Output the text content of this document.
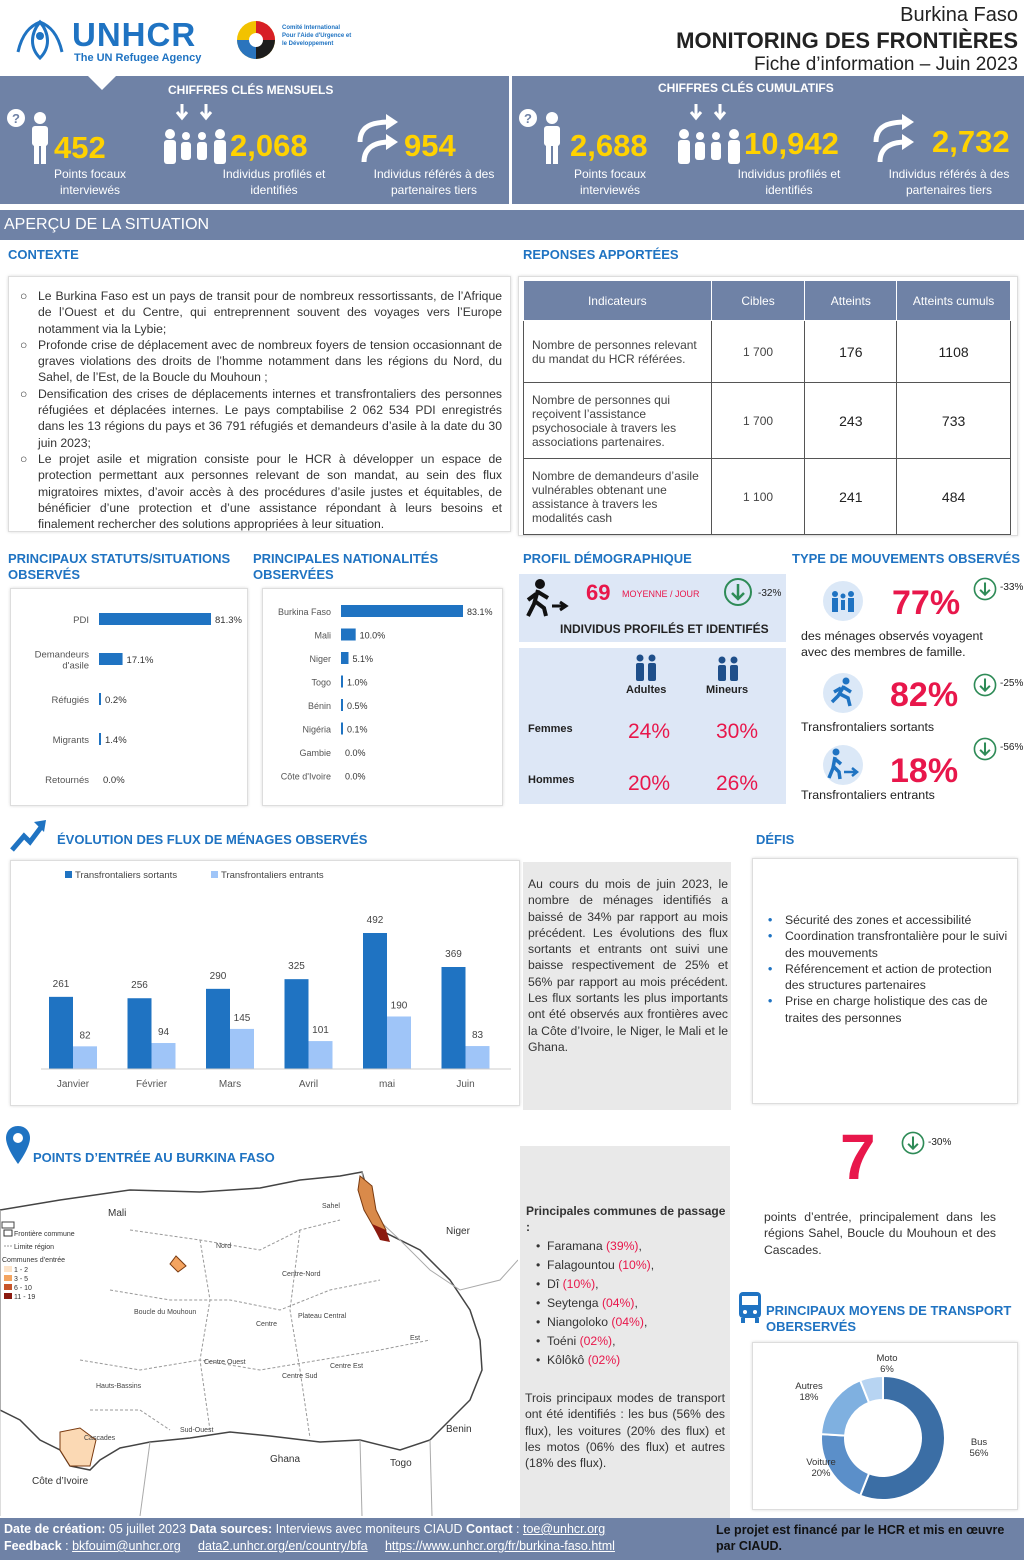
UNHCR
The UN Refugee Agency
Comité International Pour l'Aide d'Urgence et le Développement
Burkina Faso
MONITORING DES FRONTIÈRES
Fiche d’information – Juin 2023
CHIFFRES CLÉS MENSUELS	CHIFFRES CLÉS CUMULATIFS
?
452
Points focaux interviewés
2,068
Individus profilés et identifiés
954
Individus référés à des partenaires tiers
?
2,688
Points focaux interviewés
10,942
Individus profilés et identifiés
2,732
Individus référés à des partenaires tiers
APERÇU DE LA SITUATION
CONTEXTE
○ Le Burkina Faso est un pays de transit pour de nombreux ressortissants, de l’Afrique de l’Ouest et du Centre, qui entreprennent souvent des voyages vers l’Europe notamment via la Lybie;
○ Profonde crise de déplacement avec de nombreux foyers de tension occasionnant de graves violations des droits de l’homme notamment dans les régions du Nord, du Sahel, de l’Est, de la Boucle du Mouhoun ;
○ Densification des crises de déplacements internes et transfrontaliers des personnes réfugiées et déplacées internes. Le pays comptabilise 2 062 534 PDI enregistrés dans les 13 régions du pays et 36 791 réfugiés et demandeurs d’asile à la date du 30 juin 2023;
○ Le projet asile et migration consiste pour le HCR à développer un espace de protection permettant aux personnes relevant de son mandat, au sein des flux migratoires mixtes, d’avoir accès à des procédures d’asile justes et équitables, de bénéficier d’une protection et d’une assistance répondant à leurs besoins et finalement rechercher des solutions appropriées à leur situation.
REPONSES APPORTÉES
Indicateurs	Cibles	Atteints	Atteints cumuls
Nombre de personnes relevant du mandat du HCR référées.	1 700	176	1108
Nombre de personnes qui reçoivent l’assistance psychosociale à travers les associations partenaires.	1 700	243	733
Nombre de demandeurs d’asile vulnérables obtenant une assistance à travers les modalités cash	1 100	241	484
PRINCIPAUX STATUTS/SITUATIONS OBSERVÉS
PDI	81.3%
Demandeurs
d'asile	17.1%
Réfugiés 0.2%
Migrants 1.4%
Retournés 0.0%
PRINCIPALES NATIONALITÉS OBSERVÉES
Burkina Faso	83.1%
Mali	10.0%
Niger 5.1%
Togo 1.0%
Bénin 0.5%
Nigéria 0.1%
Gambie 0.0%
Côte d'Ivoire 0.0%
PROFIL DÉMOGRAPHIQUE
69 MOYENNE / JOUR	-32%
INDIVIDUS PROFILÉS ET IDENTIFÉS
Adultes	Mineurs
Femmes	24% 30%
Hommes	20% 26%
TYPE DE MOUVEMENTS OBSERVÉS
77%	-33%
des ménages observés voyagent avec des membres de famille.
82%	-25%
Transfrontaliers sortants
18%
-56%
Transfrontaliers entrants
ÉVOLUTION DES FLUX DE MÉNAGES OBSERVÉS
Transfrontaliers sortants	Transfrontaliers entrants
261
82
Janvier
256
94
Février
290
145
Mars
325
101
Avril
492
190
mai
369
83
Juin
Au cours du mois de juin 2023, le nombre de ménages identifiés a baissé de 34% par rapport au mois précédent. Les évolutions des flux sortants et entrants ont suivi une baisse respectivement de 25% et 56% par rapport au mois précédent. Les flux sortants les plus importants ont été observés aux frontières avec la Côte d’Ivoire, le Niger, le Mali et le Ghana.
DÉFIS
• Sécurité des zones et accessibilité
• Coordination transfrontalière pour le suivi des mouvements
• Référencement et action de protection des structures partenaires
• Prise en charge holistique des cas de traites des personnes
POINTS D’ENTRÉE AU BURKINA FASO
Frontière commune
Limite région
Communes d’entrée
1 - 2
3 - 5
6 - 10
11 - 19
Mali
Niger
Benin
Togo
Ghana
Côte d’Ivoire
Sahel
Nord
Centre-Nord
Boucle du Mouhoun
Centre
Plateau Central
Est
Centre Ouest
Centre Est
Centre Sud
Hauts-Bassins
Sud-Ouest
Cascades
Principales communes de passage :
•  Faramana (39%),
•  Falagountou (10%),
•  Dî (10%),
•  Seytenga (04%),
•  Niangoloko (04%),
•  Toéni (02%),
•  Kôlôkô (02%)
Trois principaux modes de transport ont été identifiés : les bus (56% des flux), les voitures (20% des flux) et les motos (06% des flux) et autres (18% des flux).
7	-30%
points d’entrée, principalement dans les régions Sahel, Boucle du Mouhoun et des Cascades.
PRINCIPAUX MOYENS DE TRANSPORT OBERSERVÉS
Bus
56%
Voiture
20%
Autres
18%
Moto
6%
Date de création: 05 juillet 2023 Data sources: Interviews avec moniteurs CIAUD Contact : toe@unhcr.org
Feedback : bkfouim@unhcr.org data2.unhcr.org/en/country/bfa https://www.unhcr.org/fr/burkina-faso.html
Le projet est financé par le HCR et mis en œuvre par CIAUD.
